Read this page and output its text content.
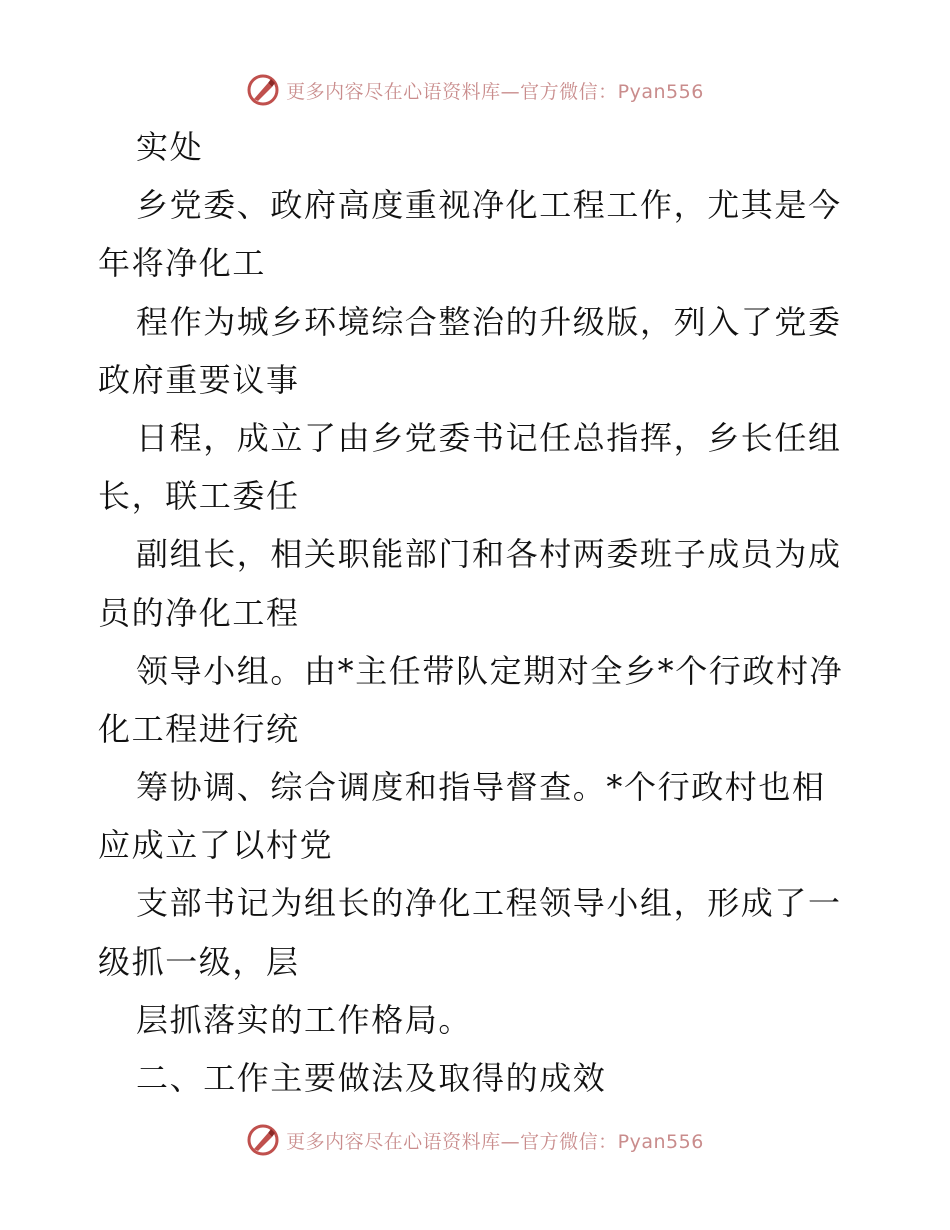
更多内容尽在心语资料库—官方微信：Pyan556
实处
乡党委、政府高度重视净化工程工作，尤其是今
年将净化工
程作为城乡环境综合整治的升级版，列入了党委
政府重要议事
日程，成立了由乡党委书记任总指挥，乡长任组
长，联工委任
副组长，相关职能部门和各村两委班子成员为成
员的净化工程
领导小组。由*主任带队定期对全乡*个行政村净
化工程进行统
筹协调、综合调度和指导督查。*个行政村也相
应成立了以村党
支部书记为组长的净化工程领导小组，形成了一
级抓一级，层
层抓落实的工作格局。
二、工作主要做法及取得的成效
更多内容尽在心语资料库—官方微信：Pyan556
